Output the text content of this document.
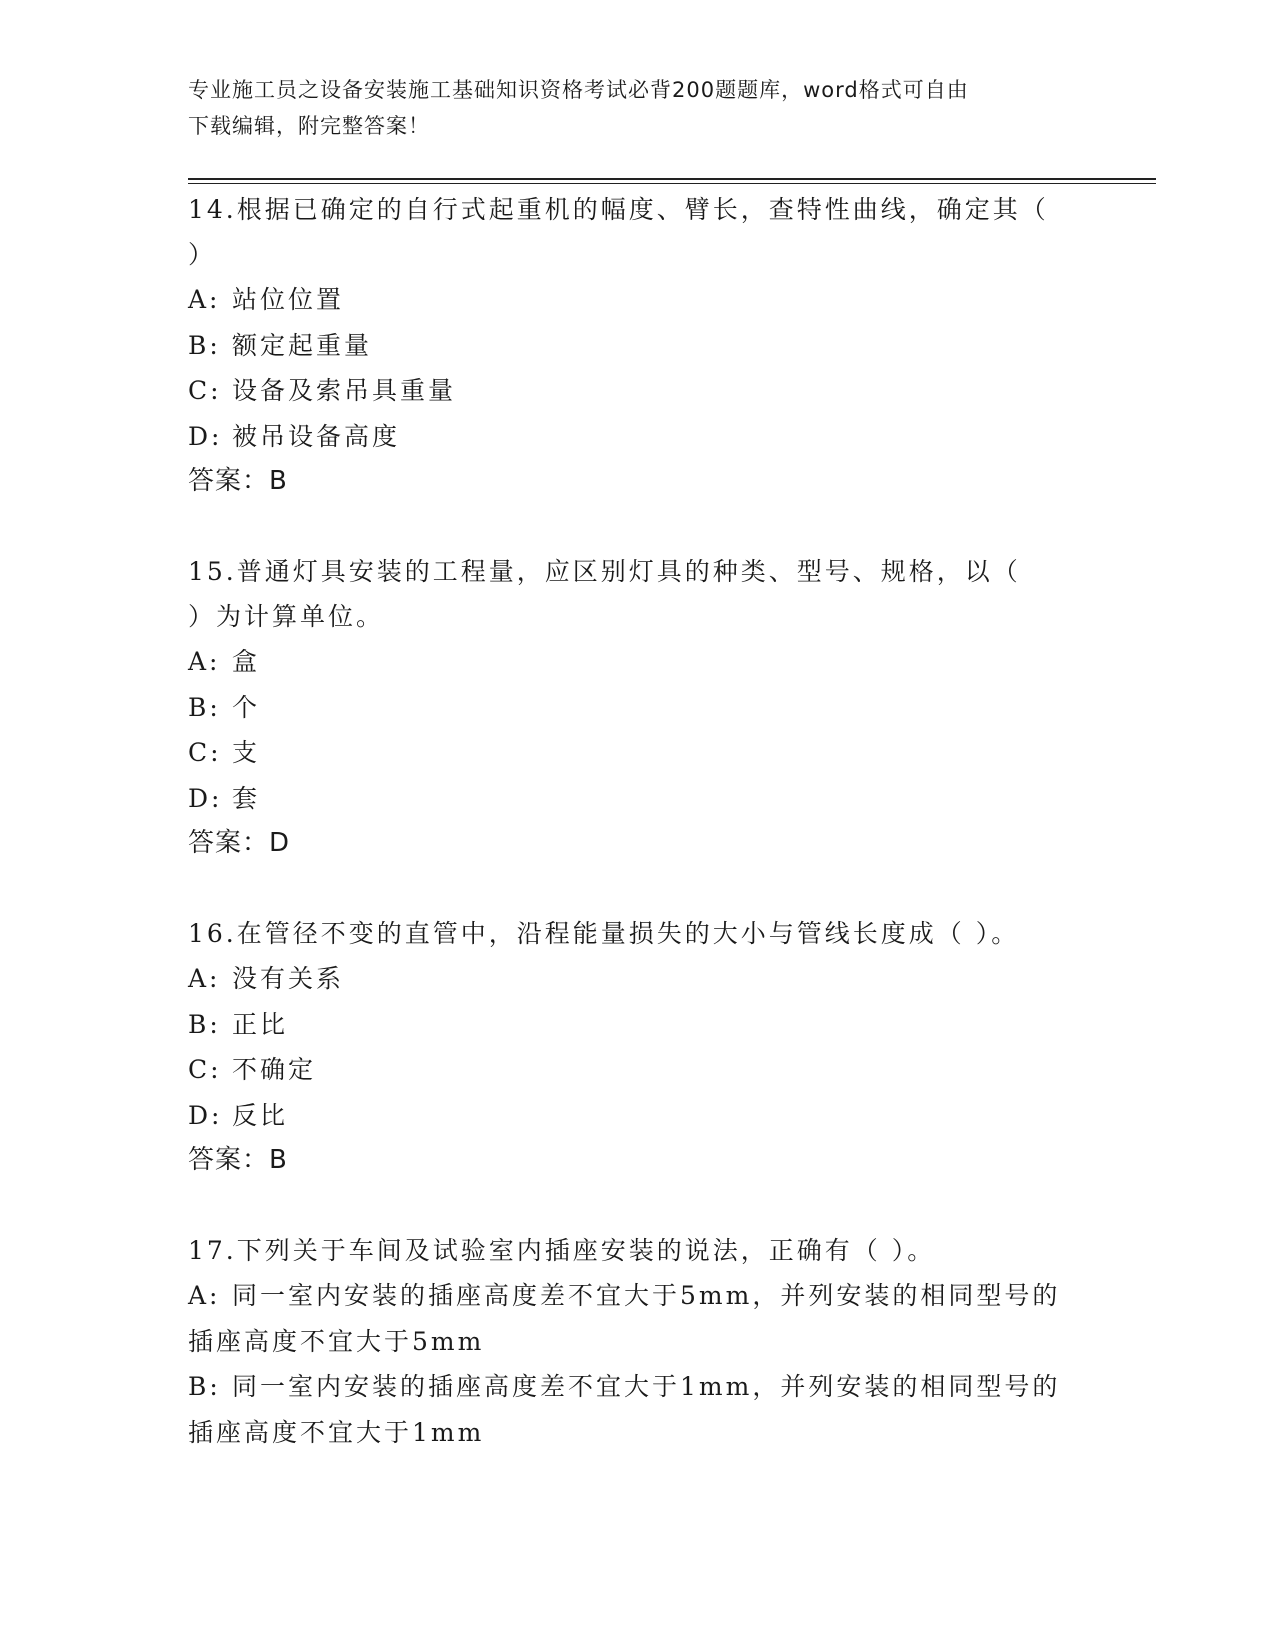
专业施工员之设备安装施工基础知识资格考试必背200题题库，word格式可自由
下载编辑，附完整答案！

14.根据已确定的自行式起重机的幅度、臂长，查特性曲线，确定其（

）

A: 站位位置

B: 额定起重量

C: 设备及索吊具重量

D: 被吊设备高度

答案：B

15.普通灯具安装的工程量，应区别灯具的种类、型号、规格，以（

）为计算单位。

A: 盒

B: 个

C: 支

D: 套

答案：D

16.在管径不变的直管中，沿程能量损失的大小与管线长度成（ ）。

A: 没有关系

B: 正比

C: 不确定

D: 反比

答案：B

17.下列关于车间及试验室内插座安装的说法，正确有（ ）。

A: 同一室内安装的插座高度差不宜大于5mm，并列安装的相同型号的

插座高度不宜大于5mm

B: 同一室内安装的插座高度差不宜大于1mm，并列安装的相同型号的

插座高度不宜大于1mm
